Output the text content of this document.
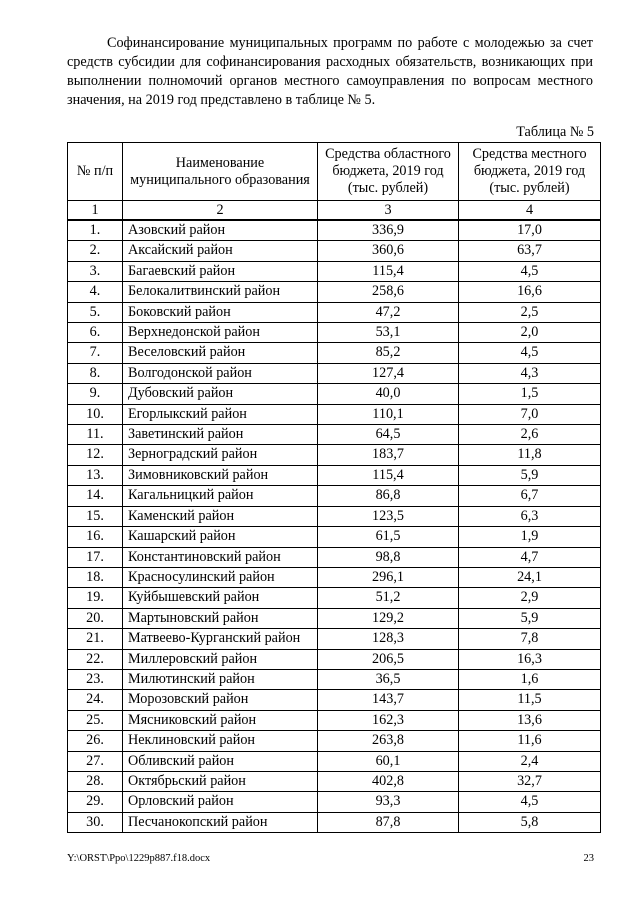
Софинансирование муниципальных программ по работе с молодежью за счет средств субсидии для софинансирования расходных обязательств, возникающих при выполнении полномочий органов местного самоуправления по вопросам местного значения, на 2019 год представлено в таблице № 5.

Таблица № 5
№ п/п	Наименование муниципального образования	Средства областного бюджета, 2019 год (тыс. рублей)	Средства местного бюджета, 2019 год (тыс. рублей)
1	2	3	4
1.	Азовский район	336,9	17,0
2.	Аксайский район	360,6	63,7
3.	Багаевский район	115,4	4,5
4.	Белокалитвинский район	258,6	16,6
5.	Боковский район	47,2	2,5
6.	Верхнедонской район	53,1	2,0
7.	Веселовский район	85,2	4,5
8.	Волгодонской район	127,4	4,3
9.	Дубовский район	40,0	1,5
10.	Егорлыкский район	110,1	7,0
11.	Заветинский район	64,5	2,6
12.	Зерноградский район	183,7	11,8
13.	Зимовниковский район	115,4	5,9
14.	Кагальницкий район	86,8	6,7
15.	Каменский район	123,5	6,3
16.	Кашарский район	61,5	1,9
17.	Константиновский район	98,8	4,7
18.	Красносулинский район	296,1	24,1
19.	Куйбышевский район	51,2	2,9
20.	Мартыновский район	129,2	5,9
21.	Матвеево-Курганский район	128,3	7,8
22.	Миллеровский район	206,5	16,3
23.	Милютинский район	36,5	1,6
24.	Морозовский район	143,7	11,5
25.	Мясниковский район	162,3	13,6
26.	Неклиновский район	263,8	11,6
27.	Обливский район	60,1	2,4
28.	Октябрьский район	402,8	32,7
29.	Орловский район	93,3	4,5
30.	Песчанокопский район	87,8	5,8
Y:\ORST\Ppo\1229p887.f18.docx	23
